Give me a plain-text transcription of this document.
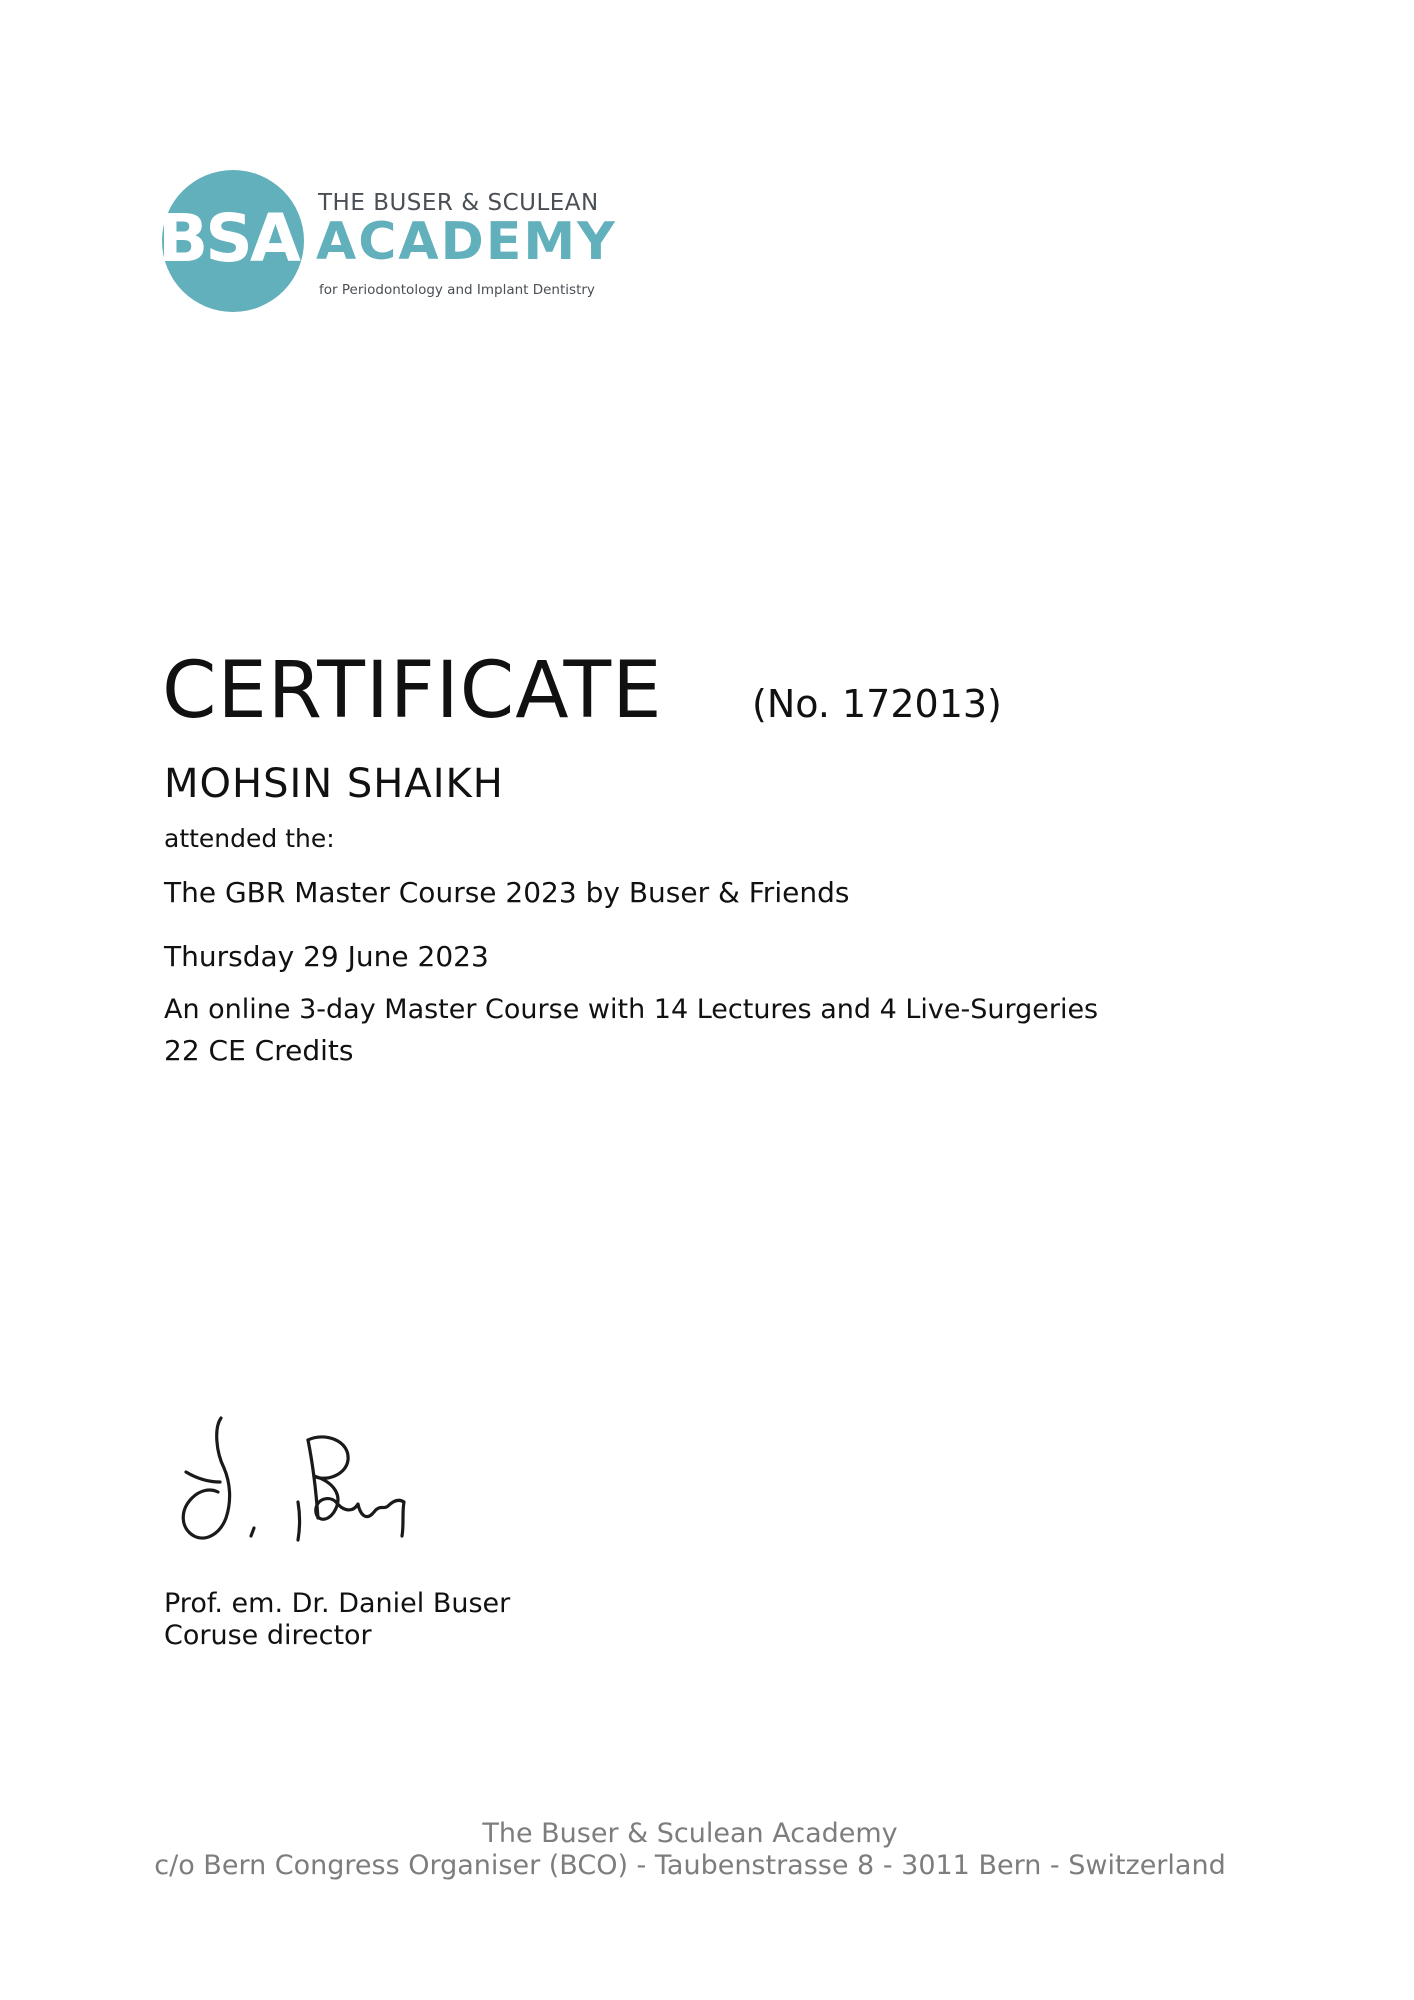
BSA THE BUSER & SCULEAN
ACADEMY
for Periodontology and Implant Dentistry
CERTIFICATE (No. 172013)
MOHSIN SHAIKH
attended the:
The GBR Master Course 2023 by Buser & Friends
Thursday 29 June 2023
An online 3-day Master Course with 14 Lectures and 4 Live-Surgeries
22 CE Credits
Prof. em. Dr. Daniel Buser
Coruse director
The Buser & Sculean Academy
c/o Bern Congress Organiser (BCO) - Taubenstrasse 8 - 3011 Bern - Switzerland
